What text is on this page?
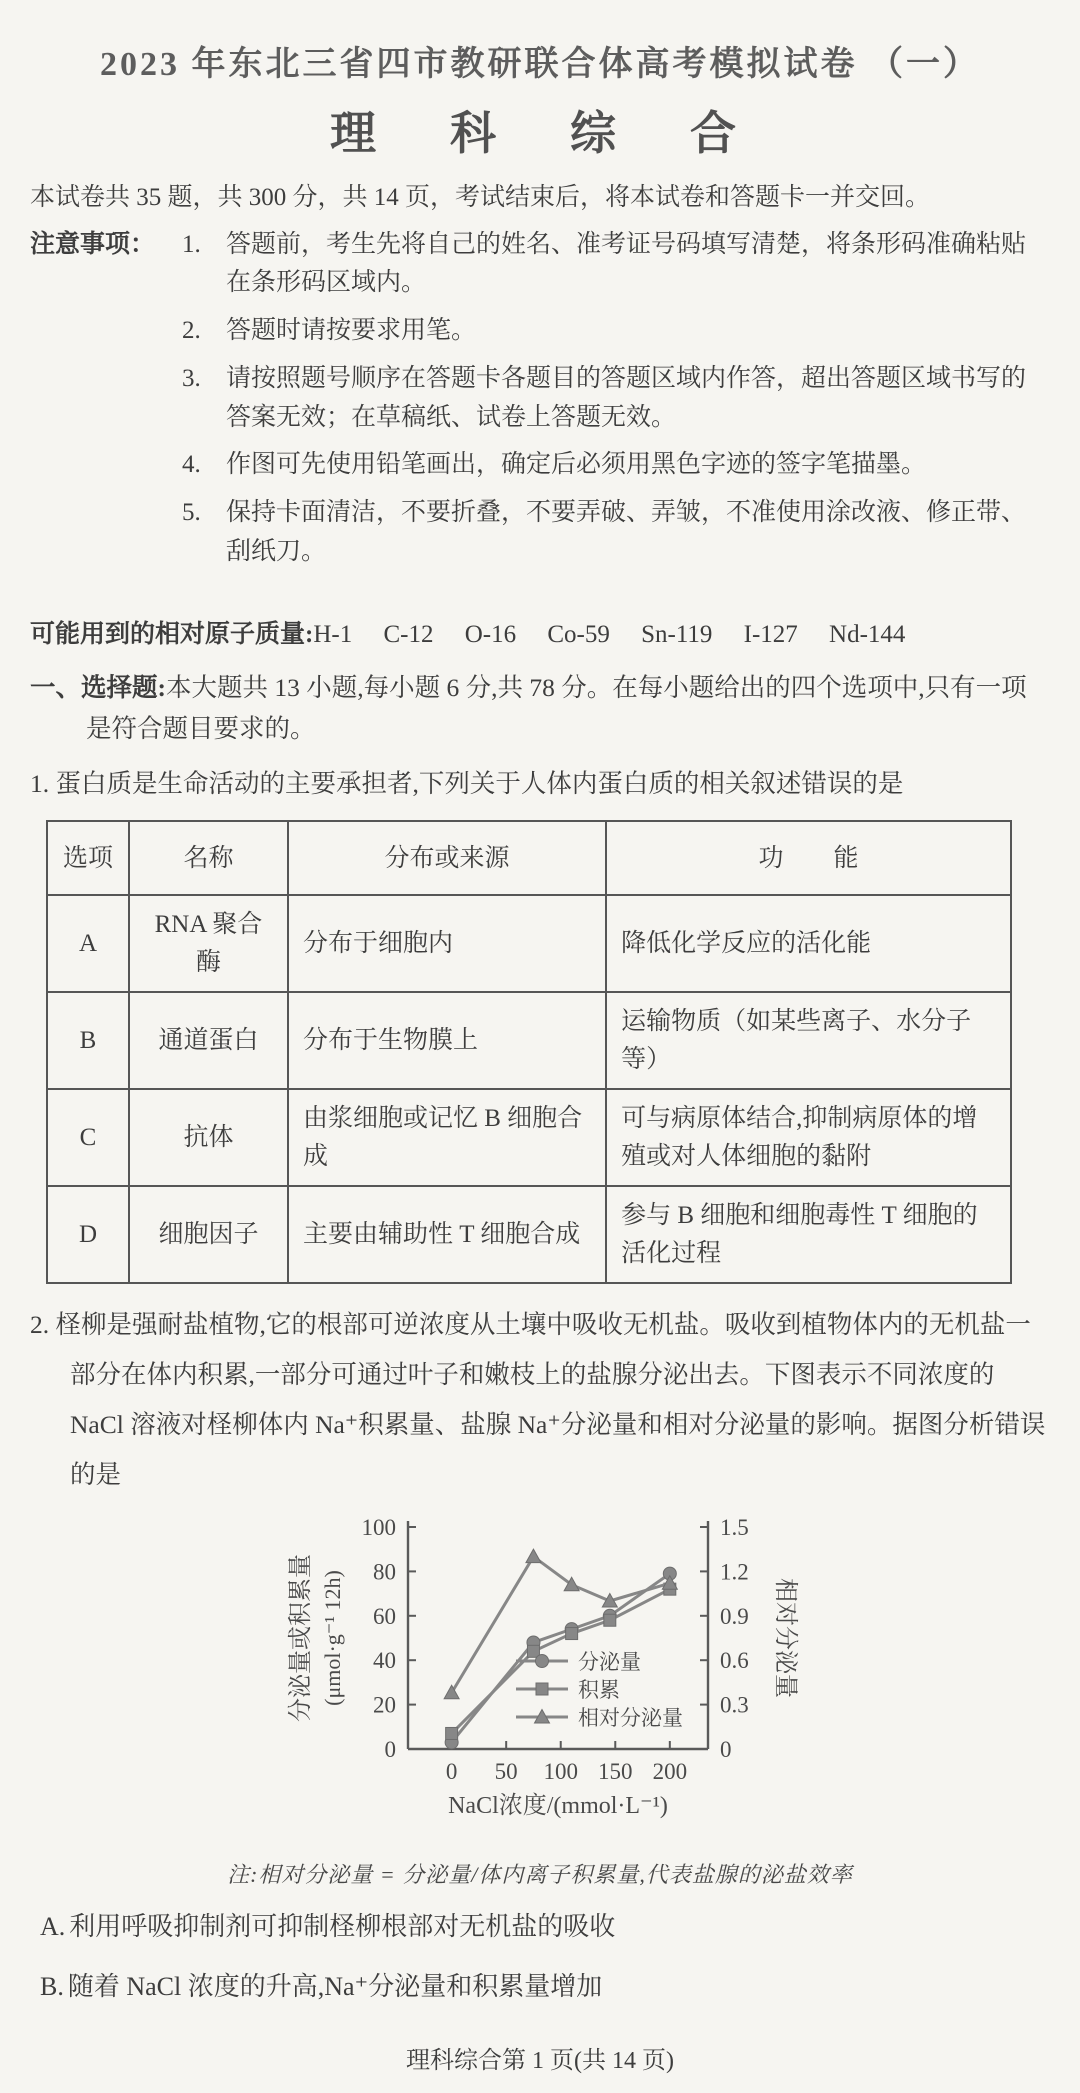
2023 年东北三省四市教研联合体高考模拟试卷 （一）
理　科　综　合
本试卷共 35 题，共 300 分，共 14 页，考试结束后，将本试卷和答题卡一并交回。
注意事项：	1.	答题前，考生先将自己的姓名、准考证号码填写清楚，将条形码准确粘贴在条形码区域内。
2.	答题时请按要求用笔。
3.	请按照题号顺序在答题卡各题目的答题区域内作答，超出答题区域书写的答案无效；在草稿纸、试卷上答题无效。
4.	作图可先使用铅笔画出，确定后必须用黑色字迹的签字笔描墨。
5.	保持卡面清洁，不要折叠，不要弄破、弄皱，不准使用涂改液、修正带、刮纸刀。
可能用到的相对原子质量:H-1　 C-12　 O-16　 Co-59　 Sn-119　 I-127　 Nd-144
一、选择题:本大题共 13 小题,每小题 6 分,共 78 分。在每小题给出的四个选项中,只有一项是符合题目要求的。
1. 蛋白质是生命活动的主要承担者,下列关于人体内蛋白质的相关叙述错误的是
选项	名称	分布或来源	功　　能
A	RNA 聚合酶	分布于细胞内	降低化学反应的活化能
B	通道蛋白	分布于生物膜上	运输物质（如某些离子、水分子等）
C	抗体	由浆细胞或记忆 B 细胞合成	可与病原体结合,抑制病原体的增殖或对人体细胞的黏附
D	细胞因子	主要由辅助性 T 细胞合成	参与 B 细胞和细胞毒性 T 细胞的活化过程
2. 柽柳是强耐盐植物,它的根部可逆浓度从土壤中吸收无机盐。吸收到植物体内的无机盐一部分在体内积累,一部分可通过叶子和嫩枝上的盐腺分泌出去。下图表示不同浓度的 NaCl 溶液对柽柳体内 Na⁺积累量、盐腺 Na⁺分泌量和相对分泌量的影响。据图分析错误的是
0
20
40
60
80
100
0
0.3
0.6
0.9
1.2
1.5
0 50 100 150 200
分泌量或积累量 (μmol·g⁻¹ 12h)	相对分泌量
NaCl浓度/(mmol·L⁻¹)
分泌量
积累
相对分泌量
注:相对分泌量 = 分泌量/体内离子积累量,代表盐腺的泌盐效率
A. 利用呼吸抑制剂可抑制柽柳根部对无机盐的吸收
B. 随着 NaCl 浓度的升高,Na⁺分泌量和积累量增加
理科综合第 1 页(共 14 页)
